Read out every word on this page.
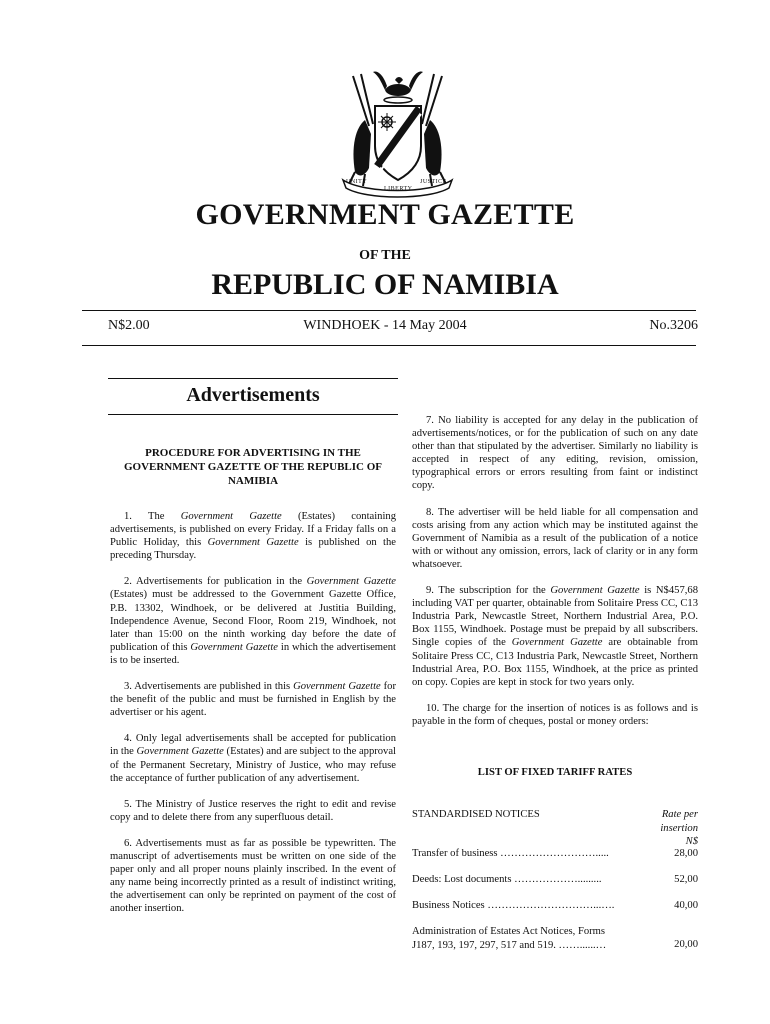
UNITY
LIBERTY
JUSTICE
GOVERNMENT GAZETTE
OF THE
REPUBLIC OF NAMIBIA
N$2.00	WINDHOEK - 14 May 2004	No.3206
Advertisements
PROCEDURE FOR ADVERTISING IN THE GOVERNMENT GAZETTE OF THE REPUBLIC OF NAMIBIA

1. The Government Gazette (Estates) containing advertisements, is published on every Friday. If a Friday falls on a Public Holiday, this Government Gazette is published on the preceding Thursday.

2. Advertisements for publication in the Government Gazette (Estates) must be addressed to the Government Gazette Office, P.B. 13302, Windhoek, or be delivered at Justitia Building, Independence Avenue, Second Floor, Room 219, Windhoek, not later than 15:00 on the ninth working day before the date of publication of this Government Gazette in which the advertisement is to be inserted.

3. Advertisements are published in this Government Gazette for the benefit of the public and must be furnished in English by the advertiser or his agent.

4. Only legal advertisements shall be accepted for publication in the Government Gazette (Estates) and are subject to the approval of the Permanent Secretary, Ministry of Justice, who may refuse the acceptance of further publication of any advertisement.

5. The Ministry of Justice reserves the right to edit and revise copy and to delete there from any superfluous detail.

6. Advertisements must as far as possible be typewritten. The manuscript of advertisements must be written on one side of the paper only and all proper nouns plainly inscribed. In the event of any name being incorrectly printed as a result of indistinct writing, the advertisement can only be reprinted on payment of the cost of another insertion.

7. No liability is accepted for any delay in the publication of advertisements/notices, or for the publication of such on any date other than that stipulated by the advertiser. Similarly no liability is accepted in respect of any editing, revision, omission, typographical errors or errors resulting from faint or indistinct copy.

8. The advertiser will be held liable for all compensation and costs arising from any action which may be instituted against the Government of Namibia as a result of the publication of a notice with or without any omission, errors, lack of clarity or in any form whatsoever.

9. The subscription for the Government Gazette is N$457,68 including VAT per quarter, obtainable from Solitaire Press CC, C13 Industria Park, Newcastle Street, Northern Industrial Area, P.O. Box 1155, Windhoek. Postage must be prepaid by all subscribers. Single copies of the Government Gazette are obtainable from Solitaire Press CC, C13 Industria Park, Newcastle Street, Northern Industrial Area, P.O. Box 1155, Windhoek, at the price as printed on copy. Copies are kept in stock for two years only.

10. The charge for the insertion of notices is as follows and is payable in the form of cheques, postal or money orders:

LIST OF FIXED TARIFF RATES
STANDARDISED NOTICES	Rate per
insertion
N$
Transfer of business ……………………….....	28,00
Deeds: Lost documents ……………….........	52,00
Business Notices …………………………...….	40,00
Administration of Estates Act Notices, Forms
J187, 193, 197, 297, 517 and 519. ……......…	20,00
